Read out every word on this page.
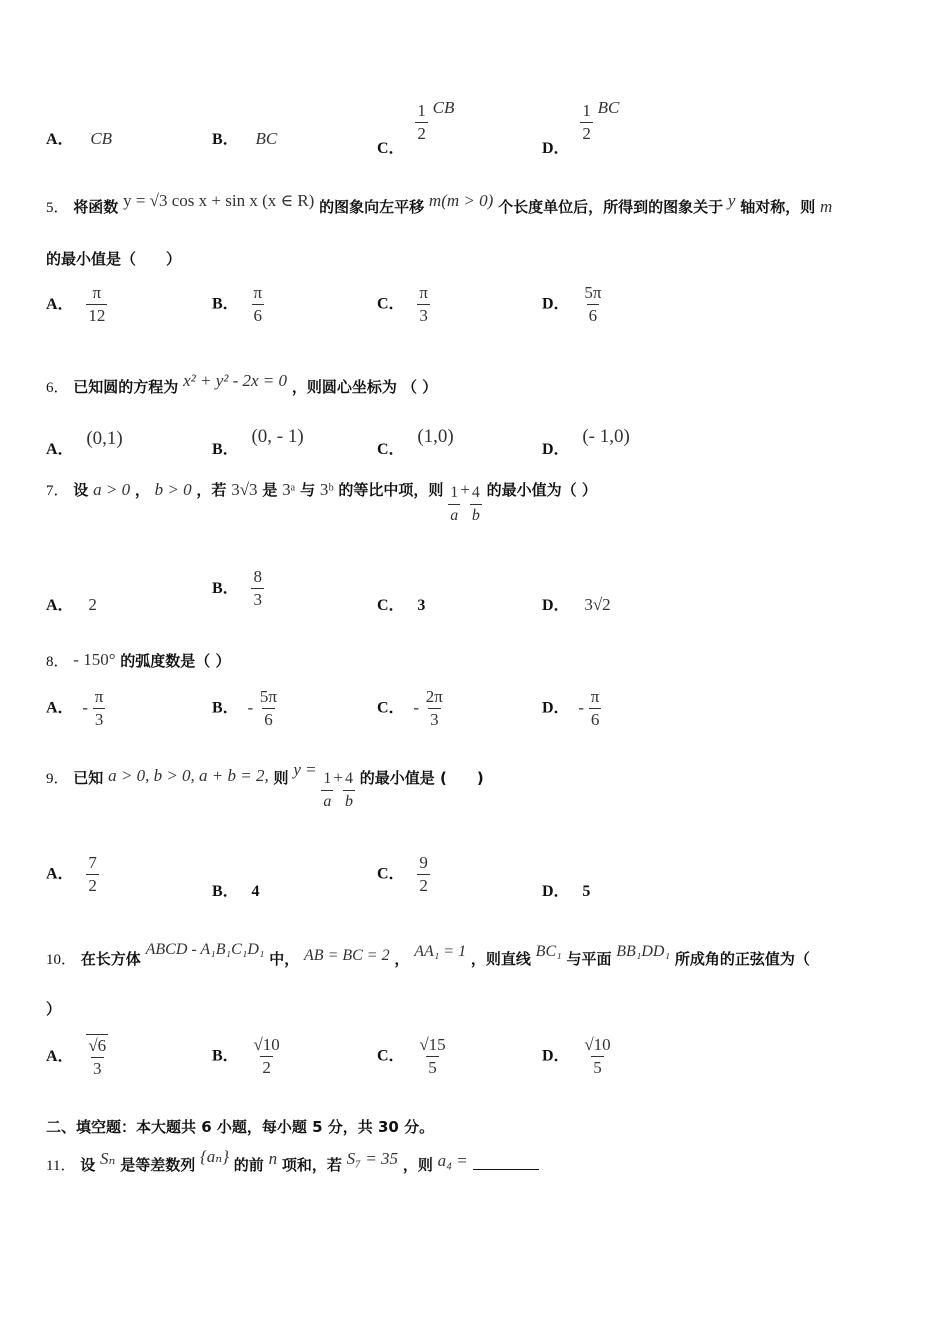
A． CB	B． BC	C．
$\frac{1}{2}$ CB
D．
$\frac{1}{2}$ BC
5． 将函数 y = √3 cos x + sin x (x ∈ R) 的图象向左平移 m(m > 0) 个长度单位后，所得到的图象关于 y 轴对称，则 m
的最小值是（　　）
A． $\frac{\pi}{12}$	B． $\frac{\pi}{6}$	C． $\frac{\pi}{3}$	D． $\frac{5\pi}{6}$
6． 已知圆的方程为 x² + y² - 2x = 0 ，则圆心坐标为 （ ）
A． (0,1)
B． (0, - 1)
C． (1,0)
D． (- 1,0)
7． 设 a > 0 ， b > 0 ，若 3√3 是 3ᵃ 与 3ᵇ 的等比中项，则 $\frac{1}{a} + \frac{4}{b}$ 的最小值为（ ）
A． 2
B． $\frac{8}{3}$	C． 3	D． 3√2
8． - 150° 的弧度数是（ ）
A． - $\frac{\pi}{3}$	B． - $\frac{5\pi}{6}$	C． - $\frac{2\pi}{3}$	D． - $\frac{\pi}{6}$
9． 已知 a > 0, b > 0, a + b = 2, 则 $y = \frac{1}{a} + \frac{4}{b}$ 的最小值是 (　　)
A． $\frac{7}{2}$	B． 4
C． $\frac{9}{2}$	D． 5
10． 在长方体 ABCD - A₁B₁C₁D₁ 中， AB = BC = 2 ， AA₁ = 1 ，则直线 BC₁ 与平面 BB₁DD₁ 所成角的正弦值为（
）
A． $\frac{√6}{3}$	B． $\frac{√10}{2}$	C． $\frac{√15}{5}$	D． $\frac{√10}{5}$
二、填空题：本大题共 6 小题，每小题 5 分，共 30 分。
11． 设 Sₙ 是等差数列 {aₙ} 的前 n 项和，若 S₇ = 35 ，则 a₄ =
